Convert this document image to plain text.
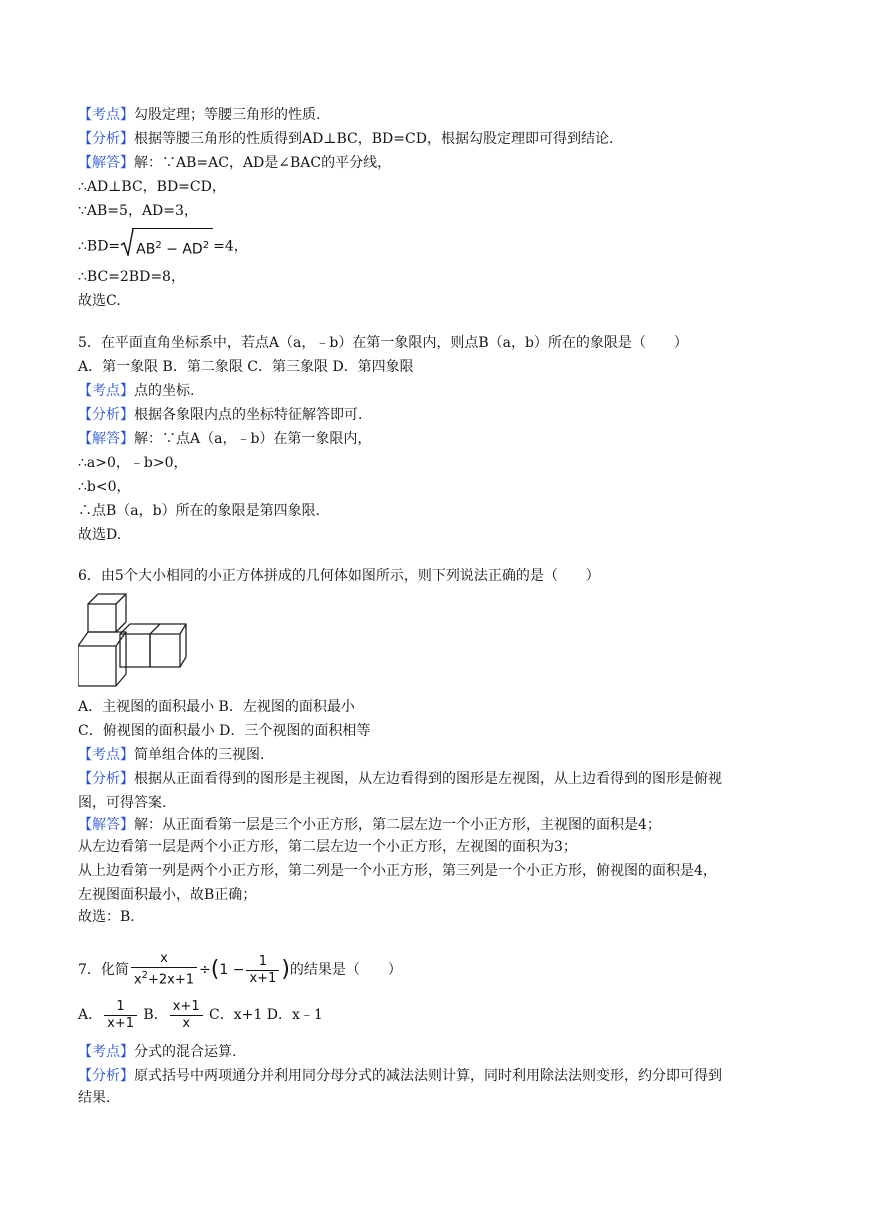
【考点】勾股定理；等腰三角形的性质.
【分析】根据等腰三角形的性质得到AD⊥BC，BD=CD，根据勾股定理即可得到结论.
【解答】解：∵AB=AC，AD是∠BAC的平分线，
∴AD⊥BC，BD=CD，
∵AB=5，AD=3，
∴BD= $AB^2 - AD^2 =4$，
∴BC=2BD=8，
故选C.
5．在平面直角坐标系中，若点A（a，﹣b）在第一象限内，则点B（a，b）所在的象限是（　　）
A．第一象限 B．第二象限 C．第三象限 D．第四象限
【考点】点的坐标.
【分析】根据各象限内点的坐标特征解答即可.
【解答】解：∵点A（a，﹣b）在第一象限内，
∴a>0，﹣b>0，
∴b<0，
∴点B（a，b）所在的象限是第四象限.
故选D.
6．由5个大小相同的小正方体拼成的几何体如图所示，则下列说法正确的是（　　）
A．主视图的面积最小 B．左视图的面积最小
C．俯视图的面积最小 D．三个视图的面积相等
【考点】简单组合体的三视图.
【分析】根据从正面看得到的图形是主视图，从左边看得到的图形是左视图，从上边看得到的图形是俯视
图，可得答案.
【解答】解：从正面看第一层是三个小正方形，第二层左边一个小正方形，主视图的面积是4；
从左边看第一层是两个小正方形，第二层左边一个小正方形，左视图的面积为3；
从上边看第一列是两个小正方形，第二列是一个小正方形，第三列是一个小正方形，俯视图的面积是4，
左视图面积最小，故B正确；
故选：B.
7．化简 $\frac{x}{x^2+2x+1} \div(1 - \frac{1}{x+1}$ )的结果是（　　）
A． $\frac{1}{x+1}$ B． $\frac{x+1}{x}$ C．x+1 D．x﹣1
【考点】分式的混合运算.
【分析】原式括号中两项通分并利用同分母分式的减法法则计算，同时利用除法法则变形，约分即可得到
结果.
